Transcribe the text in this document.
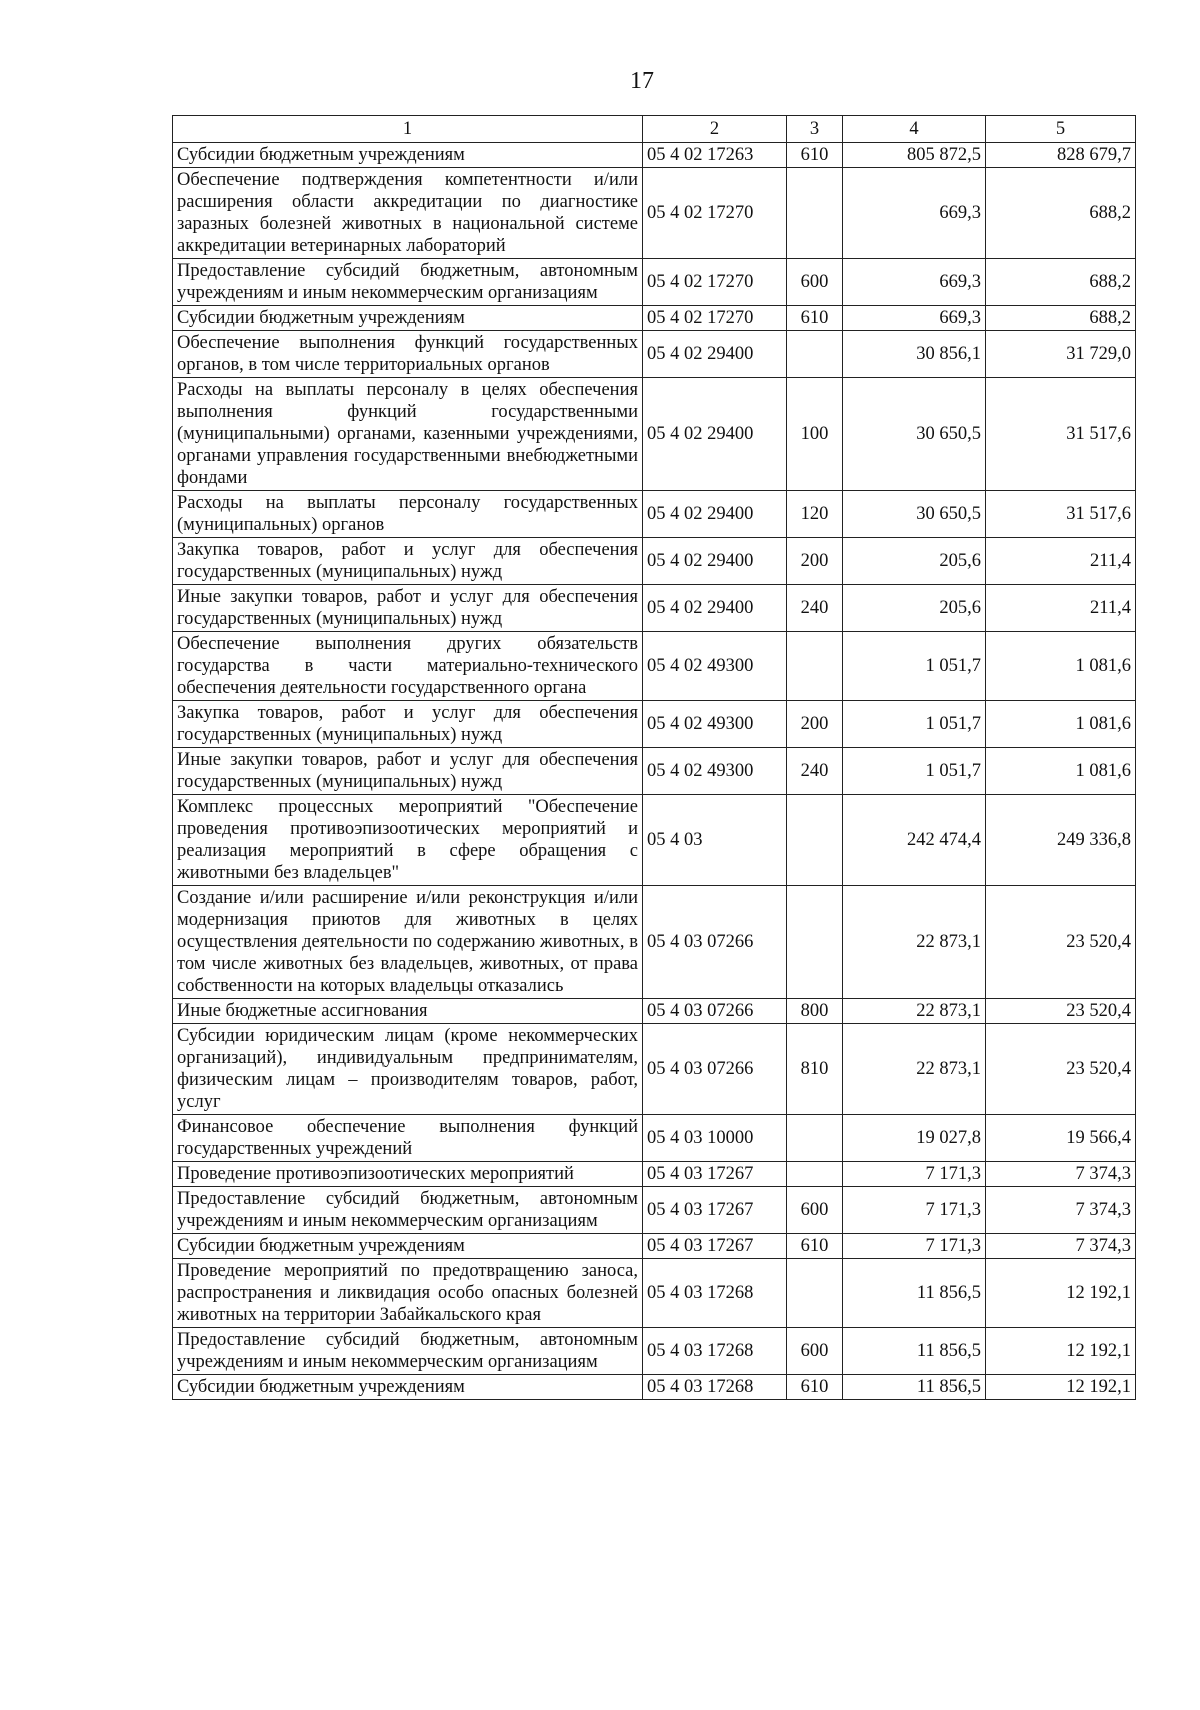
17
1	2	3	4	5
Субсидии бюджетным учреждениям	05 4 02 17263	610	805 872,5	828 679,7
Обеспечение подтверждения компетентности и/или расширения области аккредитации по диагностике заразных болезней животных в национальной системе аккредитации ветеринарных лабораторий	05 4 02 17270		669,3	688,2
Предоставление субсидий бюджетным, автономным учреждениям и иным некоммерческим организациям	05 4 02 17270	600	669,3	688,2
Субсидии бюджетным учреждениям	05 4 02 17270	610	669,3	688,2
Обеспечение выполнения функций государственных органов, в том числе территориальных органов	05 4 02 29400		30 856,1	31 729,0
Расходы на выплаты персоналу в целях обеспечения выполнения функций государственными (муниципальными) органами, казенными учреждениями, органами управления государственными внебюджетными фондами	05 4 02 29400	100	30 650,5	31 517,6
Расходы на выплаты персоналу государственных (муниципальных) органов	05 4 02 29400	120	30 650,5	31 517,6
Закупка товаров, работ и услуг для обеспечения государственных (муниципальных) нужд	05 4 02 29400	200	205,6	211,4
Иные закупки товаров, работ и услуг для обеспечения государственных (муниципальных) нужд	05 4 02 29400	240	205,6	211,4
Обеспечение выполнения других обязательств государства в части материально-технического обеспечения деятельности государственного органа	05 4 02 49300		1 051,7	1 081,6
Закупка товаров, работ и услуг для обеспечения государственных (муниципальных) нужд	05 4 02 49300	200	1 051,7	1 081,6
Иные закупки товаров, работ и услуг для обеспечения государственных (муниципальных) нужд	05 4 02 49300	240	1 051,7	1 081,6
Комплекс процессных мероприятий "Обеспечение проведения противоэпизоотических мероприятий и реализация мероприятий в сфере обращения с животными без владельцев"	05 4 03		242 474,4	249 336,8
Создание и/или расширение и/или реконструкция и/или модернизация приютов для животных в целях осуществления деятельности по содержанию животных, в том числе животных без владельцев, животных, от права собственности на которых владельцы отказались	05 4 03 07266		22 873,1	23 520,4
Иные бюджетные ассигнования	05 4 03 07266	800	22 873,1	23 520,4
Субсидии юридическим лицам (кроме некоммерческих организаций), индивидуальным предпринимателям, физическим лицам – производителям товаров, работ, услуг	05 4 03 07266	810	22 873,1	23 520,4
Финансовое обеспечение выполнения функций государственных учреждений	05 4 03 10000		19 027,8	19 566,4
Проведение противоэпизоотических мероприятий	05 4 03 17267		7 171,3	7 374,3
Предоставление субсидий бюджетным, автономным учреждениям и иным некоммерческим организациям	05 4 03 17267	600	7 171,3	7 374,3
Субсидии бюджетным учреждениям	05 4 03 17267	610	7 171,3	7 374,3
Проведение мероприятий по предотвращению заноса, распространения и ликвидация особо опасных болезней животных на территории Забайкальского края	05 4 03 17268		11 856,5	12 192,1
Предоставление субсидий бюджетным, автономным учреждениям и иным некоммерческим организациям	05 4 03 17268	600	11 856,5	12 192,1
Субсидии бюджетным учреждениям	05 4 03 17268	610	11 856,5	12 192,1
